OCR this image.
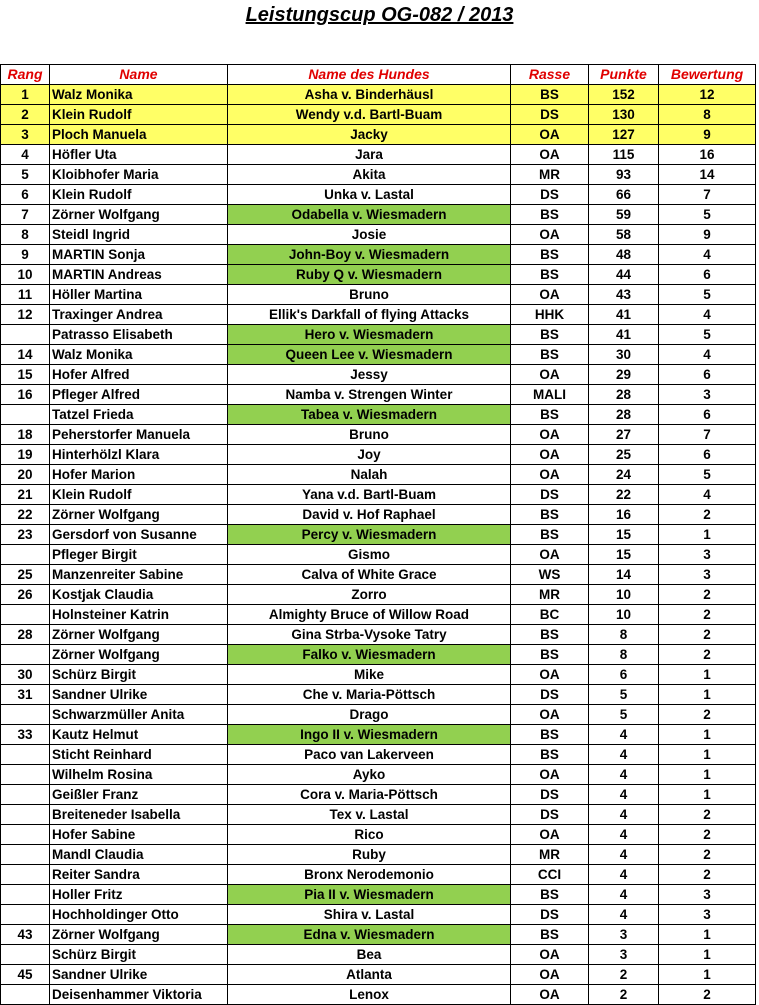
Leistungscup OG-082 / 2013
Rang	Name	Name des Hundes	Rasse	Punkte	Bewertung
1	Walz Monika	Asha v. Binderhäusl	BS	152	12
2	Klein Rudolf	Wendy v.d. Bartl-Buam	DS	130	8
3	Ploch Manuela	Jacky	OA	127	9
4	Höfler Uta	Jara	OA	115	16
5	Kloibhofer Maria	Akita	MR	93	14
6	Klein Rudolf	Unka v. Lastal	DS	66	7
7	Zörner Wolfgang	Odabella v. Wiesmadern	BS	59	5
8	Steidl Ingrid	Josie	OA	58	9
9	MARTIN Sonja	John-Boy v. Wiesmadern	BS	48	4
10	MARTIN Andreas	Ruby Q v. Wiesmadern	BS	44	6
11	Höller Martina	Bruno	OA	43	5
12	Traxinger Andrea	Ellik's Darkfall of flying Attacks	HHK	41	4
	Patrasso Elisabeth	Hero v. Wiesmadern	BS	41	5
14	Walz Monika	Queen Lee v. Wiesmadern	BS	30	4
15	Hofer Alfred	Jessy	OA	29	6
16	Pfleger Alfred	Namba v. Strengen Winter	MALI	28	3
	Tatzel Frieda	Tabea v. Wiesmadern	BS	28	6
18	Peherstorfer Manuela	Bruno	OA	27	7
19	Hinterhölzl Klara	Joy	OA	25	6
20	Hofer Marion	Nalah	OA	24	5
21	Klein Rudolf	Yana v.d. Bartl-Buam	DS	22	4
22	Zörner Wolfgang	David v. Hof Raphael	BS	16	2
23	Gersdorf von Susanne	Percy v. Wiesmadern	BS	15	1
	Pfleger Birgit	Gismo	OA	15	3
25	Manzenreiter Sabine	Calva of White Grace	WS	14	3
26	Kostjak Claudia	Zorro	MR	10	2
	Holnsteiner Katrin	Almighty Bruce of Willow Road	BC	10	2
28	Zörner Wolfgang	Gina Strba-Vysoke Tatry	BS	8	2
	Zörner Wolfgang	Falko v. Wiesmadern	BS	8	2
30	Schürz Birgit	Mike	OA	6	1
31	Sandner Ulrike	Che v. Maria-Pöttsch	DS	5	1
	Schwarzmüller Anita	Drago	OA	5	2
33	Kautz Helmut	Ingo II v. Wiesmadern	BS	4	1
	Sticht Reinhard	Paco van Lakerveen	BS	4	1
	Wilhelm Rosina	Ayko	OA	4	1
	Geißler Franz	Cora v. Maria-Pöttsch	DS	4	1
	Breiteneder Isabella	Tex v. Lastal	DS	4	2
	Hofer Sabine	Rico	OA	4	2
	Mandl Claudia	Ruby	MR	4	2
	Reiter Sandra	Bronx Nerodemonio	CCI	4	2
	Holler Fritz	Pia II v. Wiesmadern	BS	4	3
	Hochholdinger Otto	Shira v. Lastal	DS	4	3
43	Zörner Wolfgang	Edna v. Wiesmadern	BS	3	1
	Schürz Birgit	Bea	OA	3	1
45	Sandner Ulrike	Atlanta	OA	2	1
	Deisenhammer Viktoria	Lenox	OA	2	2
